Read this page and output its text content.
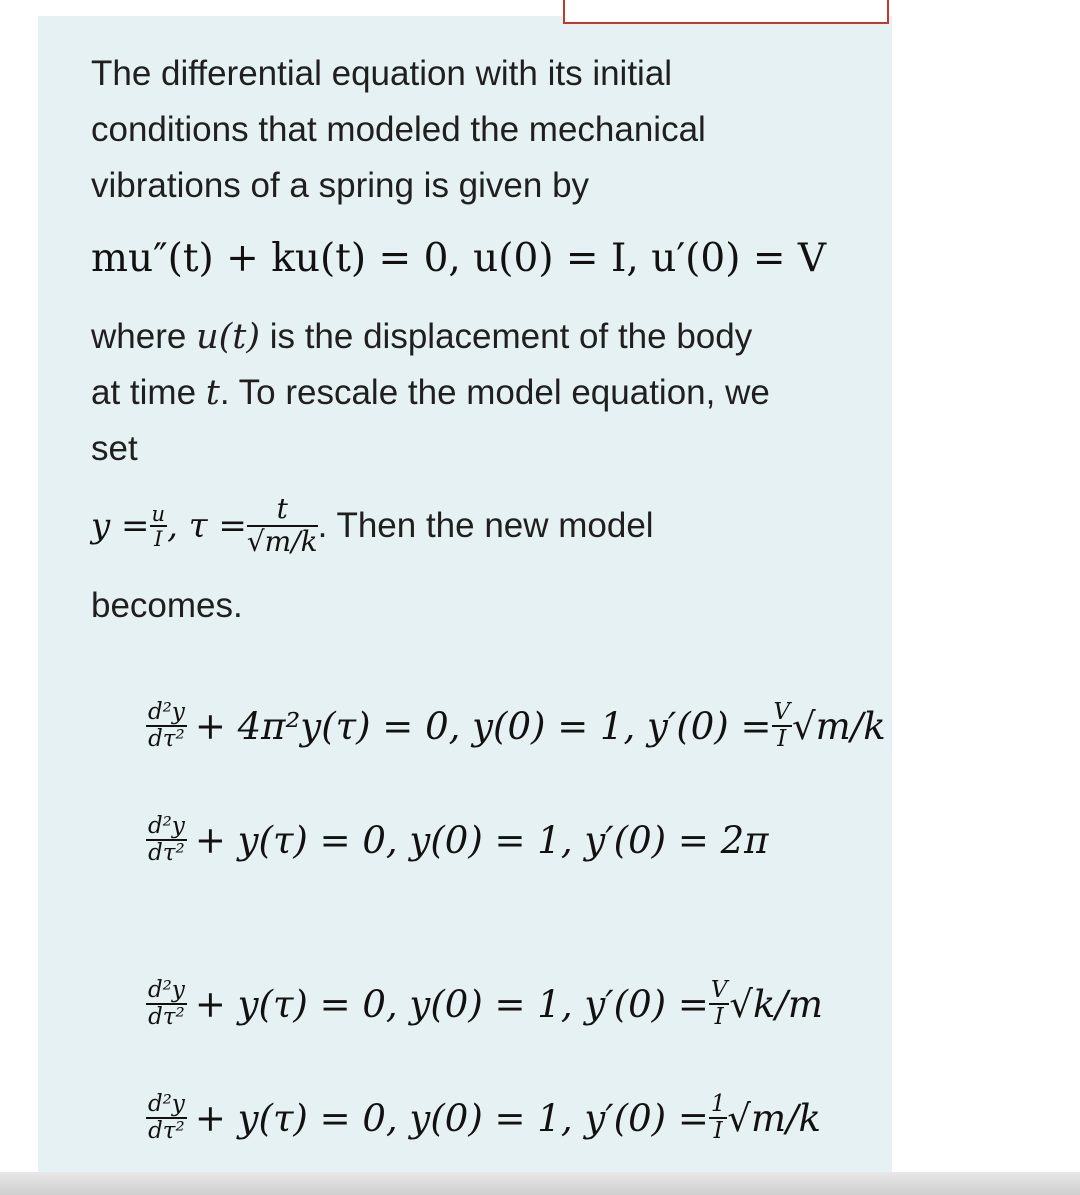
The differential equation with its initial
conditions that modeled the mechanical
vibrations of a spring is given by
mu″(t) + ku(t) = 0, u(0) = I, u′(0) = V
where u(t) is the displacement of the body
at time t. To rescale the model equation, we
set
$y = \frac{u}{I}$ , $\tau = \frac{t}{√m/k}$ . Then the new model
becomes.
$\frac{\text{d²y}}{\text{dτ²}} + 4\pi^2y(\tau) = 0$, y(0) = 1, $y'(0) = \frac{V}{I} √m/k$
$\frac{\text{d²y}}{\text{dτ²}} + y(\tau) = 0$, y(0) = 1, y′(0) = 2π
$\frac{\text{d²y}}{\text{dτ²}} + y(\tau) = 0$, y(0) = 1, $y'(0) = \frac{V}{I} √k/m$
$\frac{\text{d²y}}{\text{dτ²}} + y(\tau) = 0$, y(0) = 1, $y'(0) = \frac{1}{I} √m/k$
